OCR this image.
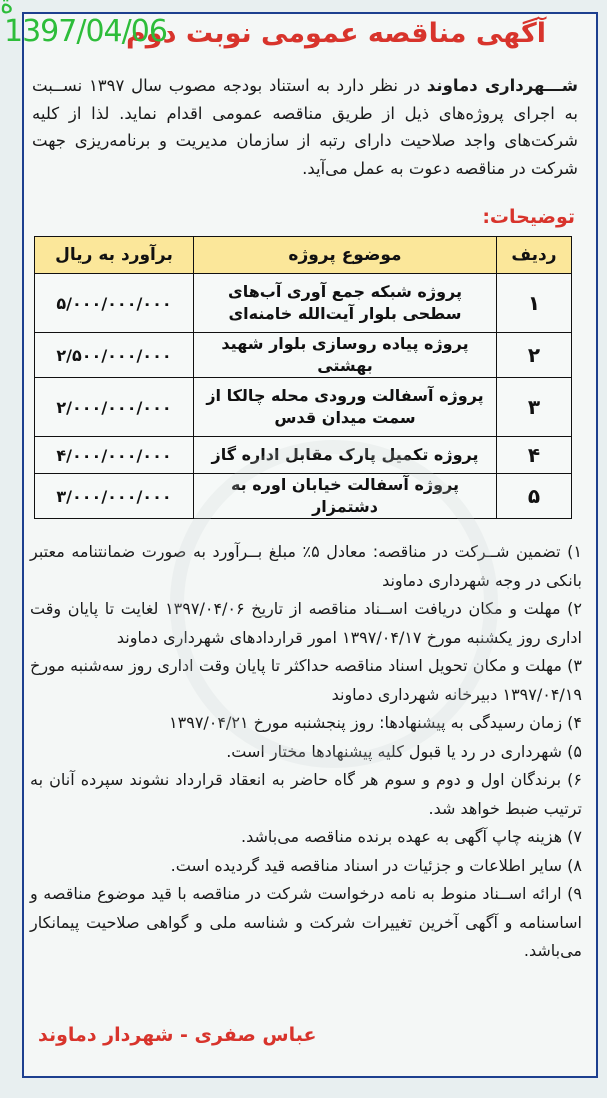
ة
1397/04/06
آگهی مناقصه عمومی نوبت دوم
شـــهرداری دماوند در نظر دارد به استناد بودجه مصوب سال ۱۳۹۷ نســبت به اجرای پروژه‌های ذیل از طریق مناقصه عمومی اقدام نماید. لذا از کلیه شرکت‌های واجد صلاحیت دارای رتبه از سازمان مدیریت و برنامه‌ریزی جهت شرکت در مناقصه دعوت به عمل می‌آید.
توضیحات:
ردیف	موضوع پروژه	برآورد به ریال
۱	پروژه شبکه جمع آوری آب‌های سطحی بلوار آیت‌الله خامنه‌ای	۵/۰۰۰/۰۰۰/۰۰۰
۲	پروژه پیاده روسازی بلوار شهید بهشتی	۲/۵۰۰/۰۰۰/۰۰۰
۳	پروژه آسفالت ورودی محله چالکا از سمت میدان قدس	۲/۰۰۰/۰۰۰/۰۰۰
۴	پروژه تکمیل پارک مقابل اداره گاز	۴/۰۰۰/۰۰۰/۰۰۰
۵	پروژه آسفالت خیابان اوره به دشتمزار	۳/۰۰۰/۰۰۰/۰۰۰
۱) تضمین شــرکت در مناقصه: معادل ۵٪ مبلغ بــرآورد به صورت ضمانتنامه معتبر بانکی در وجه شهرداری دماوند
۲) مهلت و مکان دریافت اســناد مناقصه از تاریخ ۱۳۹۷/۰۴/۰۶ لغایت تا پایان وقت اداری روز یکشنبه مورخ ۱۳۹۷/۰۴/۱۷ امور قراردادهای شهرداری دماوند
۳) مهلت و مکان تحویل اسناد مناقصه حداکثر تا پایان وقت اداری روز سه‌شنبه مورخ ۱۳۹۷/۰۴/۱۹ دبیرخانه شهرداری دماوند
۴) زمان رسیدگی به پیشنهادها: روز پنجشنبه مورخ ۱۳۹۷/۰۴/۲۱
۵) شهرداری در رد یا قبول کلیه پیشنهادها مختار است.
۶) برندگان اول و دوم و سوم هر گاه حاضر به انعقاد قرارداد نشوند سپرده آنان به ترتیب ضبط خواهد شد.
۷) هزینه چاپ آگهی به عهده برنده مناقصه می‌باشد.
۸) سایر اطلاعات و جزئیات در اسناد مناقصه قید گردیده است.
۹) ارائه اســناد منوط به نامه درخواست شرکت در مناقصه با قید موضوع مناقصه و اساسنامه و آگهی آخرین تغییرات شرکت و شناسه ملی و گواهی صلاحیت پیمانکار می‌باشد.
عباس صفری - شهردار دماوند
